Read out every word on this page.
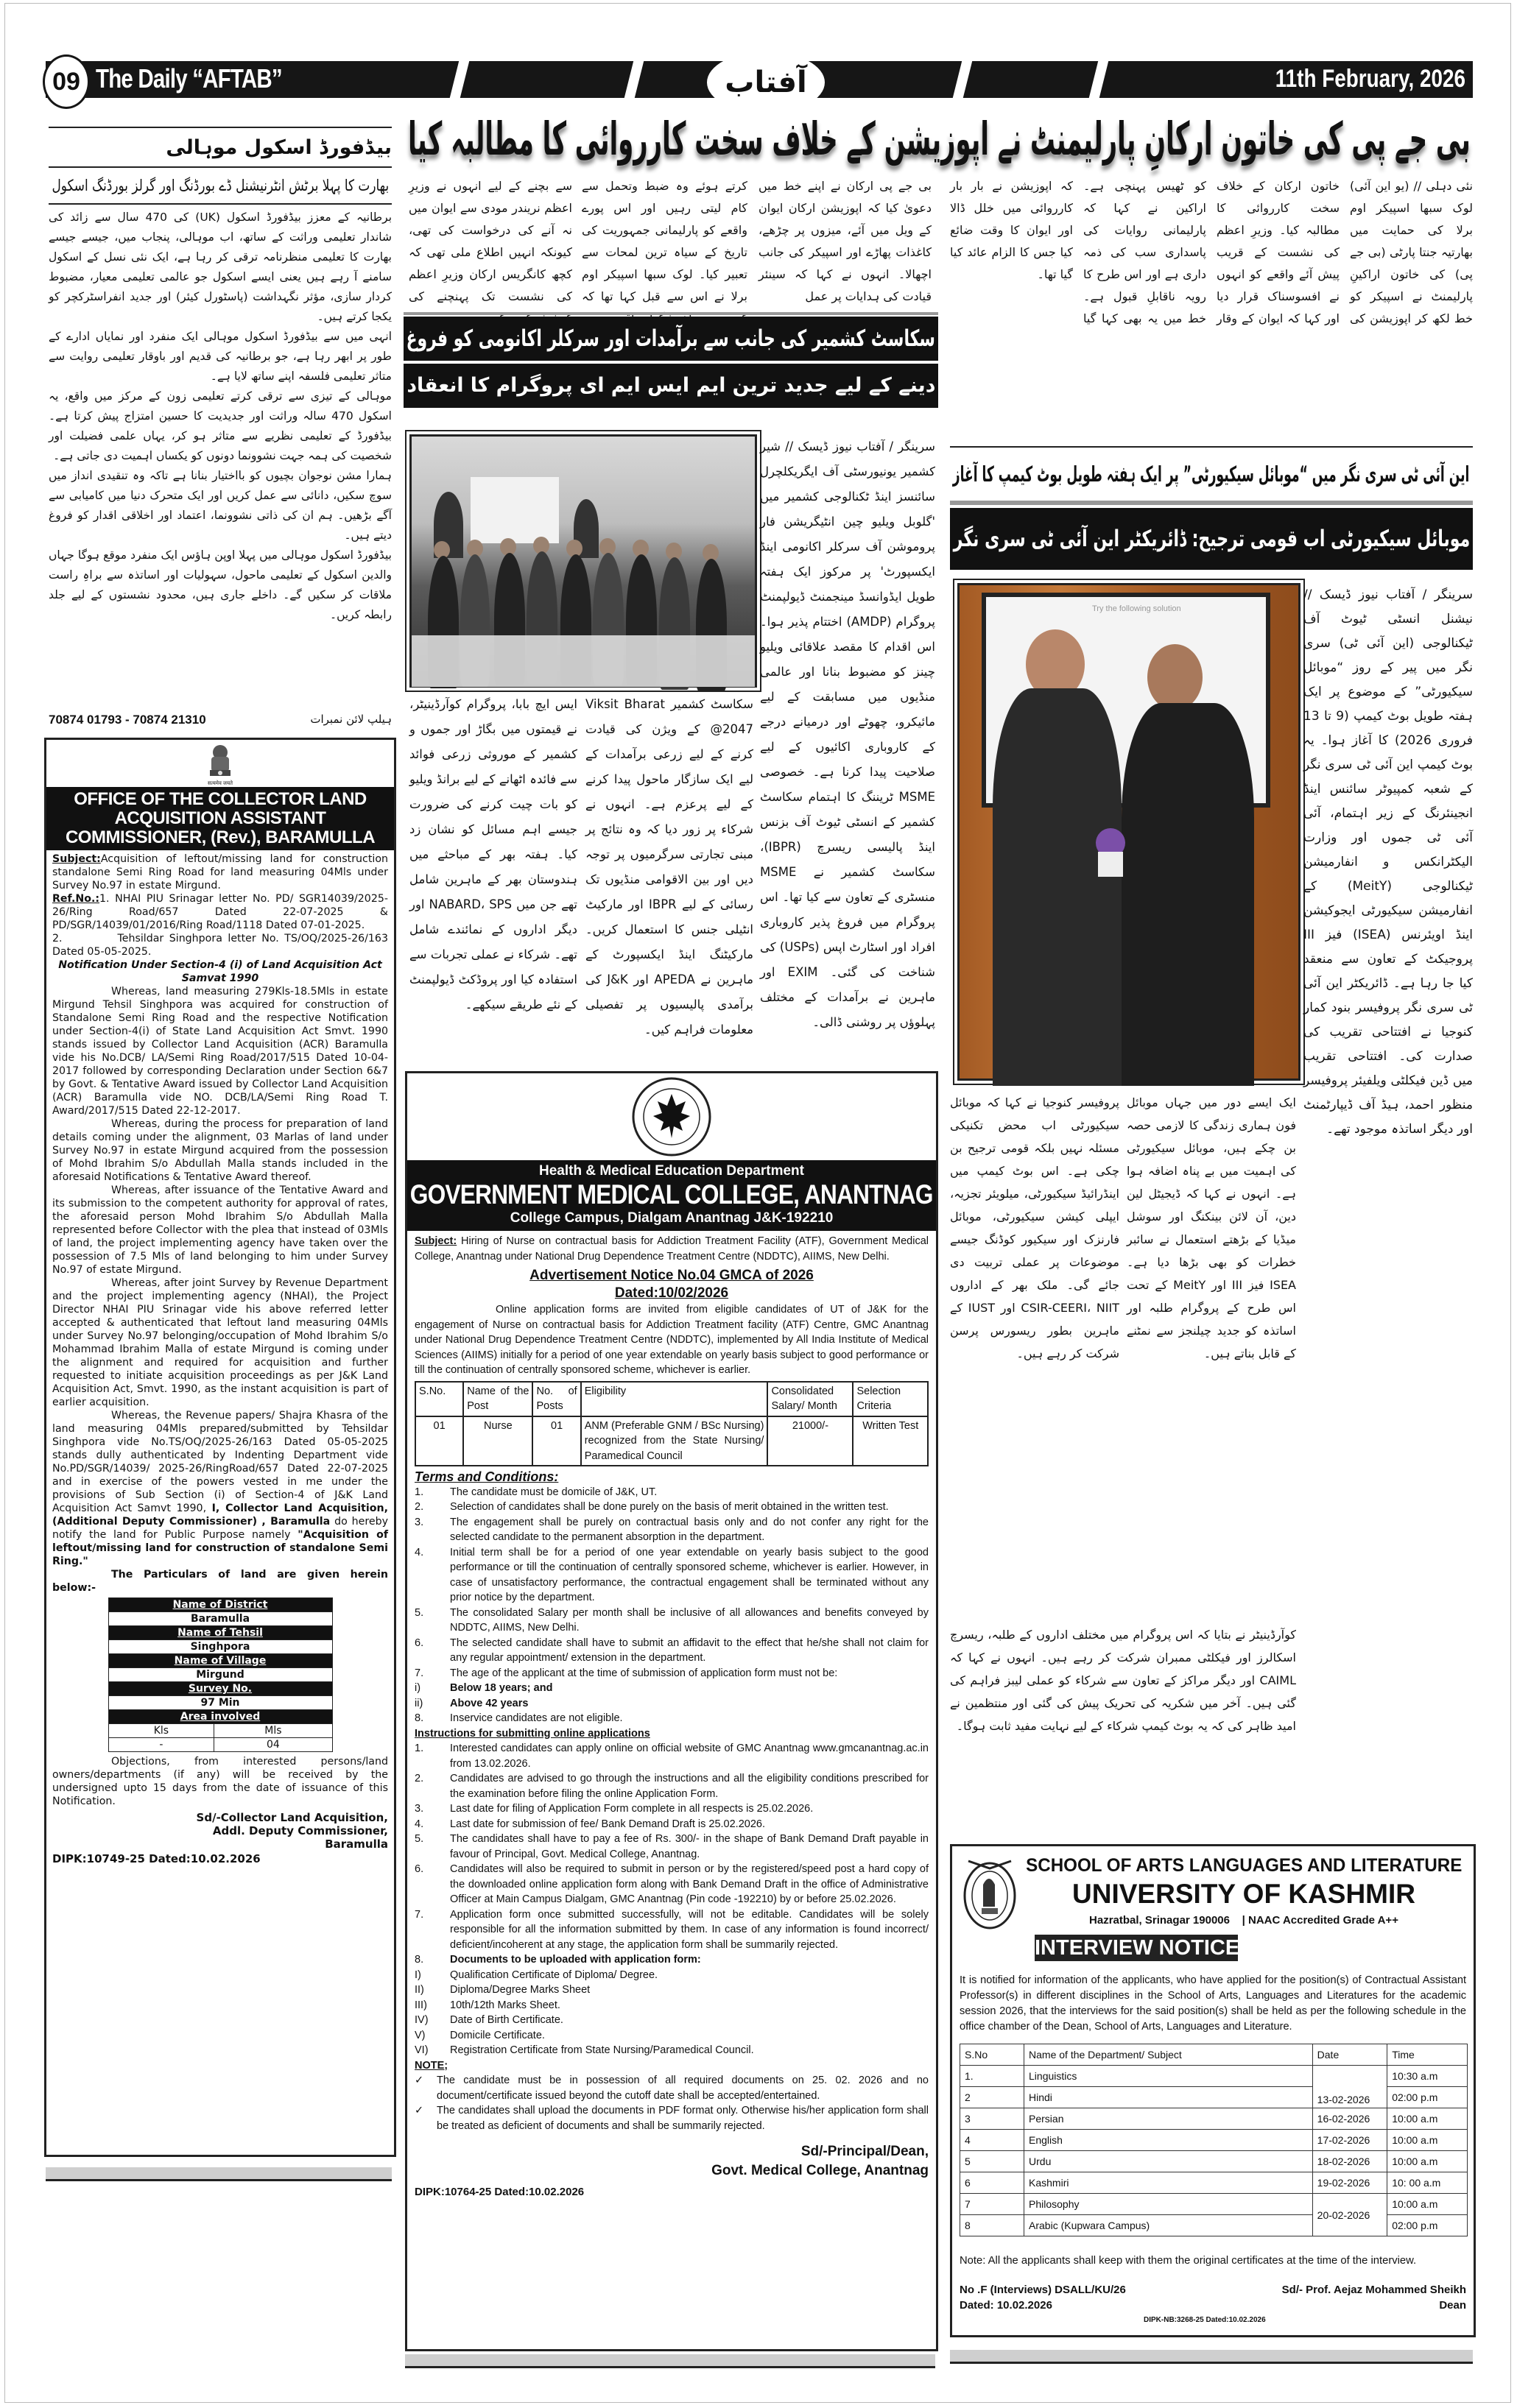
09 The Daily “AFTAB”	آفتاب	11th February, 2026
بیڈفورڈ اسکول موہالی
بھارت کا پہلا برٹش انٹرنیشنل ڈے بورڈنگ اور گرلز بورڈنگ اسکول

برطانیہ کے معزز بیڈفورڈ اسکول (UK) کی 470 سال سے زائد کی شاندار تعلیمی وراثت کے ساتھ، اب موہالی، پنجاب میں، جیسے جیسے بھارت کا تعلیمی منظرنامہ ترقی کر رہا ہے، ایک نئی نسل کے اسکول سامنے آ رہے ہیں یعنی ایسے اسکول جو عالمی تعلیمی معیار، مضبوط کردار سازی، مؤثر نگہداشت (پاسٹورل کیئر) اور جدید انفراسٹرکچر کو یکجا کرتے ہیں۔

انہی میں سے بیڈفورڈ اسکول موہالی ایک منفرد اور نمایاں ادارے کے طور پر ابھر رہا ہے، جو برطانیہ کی قدیم اور باوقار تعلیمی روایت سے متاثر تعلیمی فلسفہ اپنے ساتھ لایا ہے۔

موہالی کے تیزی سے ترقی کرتے تعلیمی زون کے مرکز میں واقع، یہ اسکول 470 سالہ وراثت اور جدیدیت کا حسین امتزاج پیش کرتا ہے۔ بیڈفورڈ کے تعلیمی نظریے سے متاثر ہو کر، یہاں علمی فضیلت اور شخصیت کی ہمہ جہت نشوونما دونوں کو یکساں اہمیت دی جاتی ہے۔

ہمارا مشن نوجوان بچیوں کو بااختیار بنانا ہے تاکہ وہ تنقیدی انداز میں سوچ سکیں، دانائی سے عمل کریں اور ایک متحرک دنیا میں کامیابی سے آگے بڑھیں۔ ہم ان کی ذاتی نشوونما، اعتماد اور اخلاقی اقدار کو فروغ دیتے ہیں۔

بیڈفورڈ اسکول موہالی میں پہلا اوپن ہاؤس ایک منفرد موقع ہوگا جہاں والدین اسکول کے تعلیمی ماحول، سہولیات اور اساتذہ سے براہِ راست ملاقات کر سکیں گے۔ داخلے جاری ہیں، محدود نشستوں کے لیے جلد رابطہ کریں۔

70874 01793 - 70874 21310	ہیلپ لائن نمبرات
सत्यमेव जयते
OFFICE OF THE COLLECTOR LAND ACQUISITION ASSISTANT COMMISSIONER, (Rev.), BARAMULLA

Subject:Acquisition of leftout/missing land for construction standalone Semi Ring Road for land measuring 04Mls under Survey No.97 in estate Mirgund.

Ref.No.:1. NHAI PIU Srinagar letter No. PD/ SGR14039/2025-26/Ring Road/657 Dated 22-07-2025 & PD/SGR/14039/01/2016/Ring Road/1118 Dated 07-01-2025.

2.          Tehsildar Singhpora letter No. TS/OQ/2025-26/163 Dated 05-05-2025.

Notification Under Section-4 (i) of Land Acquisition Act Samvat 1990

Whereas, land measuring 279Kls-18.5Mls in estate Mirgund Tehsil Singhpora was acquired for construction of Standalone Semi Ring Road and the respective Notification under Section-4(i) of State Land Acquisition Act Smvt. 1990 stands issued by Collector Land Acquisition (ACR) Baramulla vide his No.DCB/ LA/Semi Ring Road/2017/515 Dated 10-04-2017 followed by corresponding Declaration under Section 6&7 by Govt. & Tentative Award issued by Collector Land Acquisition (ACR) Baramulla vide NO. DCB/LA/Semi Ring Road T. Award/2017/515 Dated 22-12-2017.

Whereas, during the process for preparation of land details coming under the alignment, 03 Marlas of land under Survey No.97 in estate Mirgund acquired from the possession of Mohd Ibrahim S/o Abdullah Malla stands included in the aforesaid Notifications & Tentative Award thereof.

Whereas, after issuance of the Tentative Award and its submission to the competent authority for approval of rates, the aforesaid person Mohd Ibrahim S/o Abdullah Malla represented before Collector with the plea that instead of 03Mls of land, the project implementing agency have taken over the possession of 7.5 Mls of land belonging to him under Survey No.97 of estate Mirgund.

Whereas, after joint Survey by Revenue Department and the project implementing agency (NHAI), the Project Director NHAI PIU Srinagar vide his above referred letter accepted & authenticated that leftout land measuring 04Mls under Survey No.97 belonging/occupation of Mohd Ibrahim S/o Mohammad Ibrahim Malla of estate Mirgund is coming under the alignment and required for acquisition and further requested to initiate acquisition proceedings as per J&K Land Acquisition Act, Smvt. 1990, as the instant acquisition is part of earlier acquisition.

Whereas, the Revenue papers/ Shajra Khasra of the land measuring 04Mls prepared/submitted by Tehsildar Singhpora vide No.TS/OQ/2025-26/163 Dated 05-05-2025 stands dully authenticated by Indenting Department vide No.PD/SGR/14039/ 2025-26/RingRoad/657 Dated 22-07-2025 and in exercise of the powers vested in me under the provisions of Sub Section (i) of Section-4 of J&K Land Acquisition Act Samvt 1990, I, Collector Land Acquisition, (Additional Deputy Commissioner) , Baramulla do hereby notify the land for Public Purpose namely "Acquisition of leftout/missing land for construction of standalone Semi Ring."

The Particulars of land are given herein below:-

Name of District	
Baramulla	
Name of Tehsil	
Singhpora	
Name of Village	
Mirgund	
Survey No.	
97 Min	
Area involved	
Kls	Mls
-	04

Objections, from interested persons/land owners/departments (if any) will be received by the undersigned upto 15 days from the date of issuance of this Notification.

Sd/-Collector Land Acquisition,
Addl. Deputy Commissioner,
Baramulla
DIPK:10749-25 Dated:10.02.2026
بی جے پی کی خاتون ارکانِ پارلیمنٹ نے اپوزیشن کے خلاف سخت کارروائی کا مطالبہ کیا
بی جے پی ارکان نے اپنے خط میں دعویٰ کیا کہ اپوزیشن ارکان ایوان کے ویل میں آئے، میزوں پر چڑھے، کاغذات پھاڑے اور اسپیکر کی جانب اچھالا۔ انہوں نے کہا کہ سینئر قیادت کی ہدایات پر عمل
کرتے ہوئے وہ ضبط وتحمل سے کام لیتی رہیں اور اس پورے واقعے کو پارلیمانی جمہوریت کی تاریخ کے سیاہ ترین لمحات سے تعبیر کیا۔ لوک سبھا اسپیکر اوم برلا نے اس سے قبل کہا تھا کہ
سے بچنے کے لیے انہوں نے وزیرِ اعظم نریندر مودی سے ایوان میں نہ آنے کی درخواست کی تھی، کیونکہ انہیں اطلاع ملی تھی کہ کچھ کانگریس ارکان وزیرِ اعظم کی نشست تک پہنچنے کی
نئی دہلی // (یو این آئی) لوک سبھا اسپیکر اوم برلا کی حمایت میں بھارتیہ جنتا پارٹی (بی جے پی) کی خاتون اراکینِ پارلیمنٹ نے اسپیکر کو خط لکھ کر اپوزیشن کی خاتون ارکان کے خلاف سخت کارروائی کا مطالبہ کیا۔ وزیرِ اعظم کی نشست کے قریب پیش آئے واقعے کو انہوں نے افسوسناک قرار دیا اور کہا کہ ایوان کے وقار کو ٹھیس پہنچی ہے۔ اراکین نے کہا کہ پارلیمانی روایات کی پاسداری سب کی ذمہ داری ہے اور اس طرح کا رویہ ناقابلِ قبول ہے۔ خط میں یہ بھی کہا گیا کہ اپوزیشن نے بار بار کارروائی میں خلل ڈالا اور ایوان کا وقت ضائع کیا جس کا الزام عائد کیا گیا تھا۔
سکاسٹ کشمیر کی جانب سے برآمدات اور سرکلر اکانومی کو فروغ
دینے کے لیے جدید ترین ایم ایس ایم ای پروگرام کا انعقاد
سرینگر / آفتاب نیوز ڈیسک // شیر کشمیر یونیورسٹی آف ایگریکلچرل سائنسز اینڈ ٹکنالوجی کشمیر میں 'گلوبل ویلیو چین انٹیگریشن فار پروموشن آف سرکلر اکانومی اینڈ ایکسپورٹ' پر مرکوز ایک ہفتہ طویل ایڈوانسڈ مینجمنٹ ڈیولپمنٹ پروگرام (AMDP) اختتام پذیر ہوا۔ اس اقدام کا مقصد علاقائی ویلیو چینز کو مضبوط بنانا اور عالمی منڈیوں میں مسابقت کے لیے مائیکرو، چھوٹے اور درمیانے درجے کے کاروباری اکائیوں کے لیے صلاحیت پیدا کرنا ہے۔ خصوصی MSME ٹریننگ کا اہتمام سکاسٹ کشمیر کے انسٹی ٹیوٹ آف بزنس اینڈ پالیسی ریسرچ (IBPR)، سکاسٹ کشمیر نے MSME منسٹری کے تعاون سے کیا تھا۔ اس پروگرام میں فروغ پذیر کاروباری افراد اور اسٹارٹ اپس (USPs) کی شناخت کی گئی۔ EXIM اور ماہرین نے برآمدات کے مختلف پہلوؤں پر روشنی ڈالی۔
سکاسٹ کشمیر Viksit Bharat @2047 کے ویژن کی قیادت کرنے کے لیے زرعی برآمدات کے لیے ایک سازگار ماحول پیدا کرنے کے لیے پرعزم ہے۔ انہوں نے شرکاء پر زور دیا کہ وہ نتائج پر مبنی تجارتی سرگرمیوں پر توجہ دیں اور بین الاقوامی منڈیوں تک رسائی کے لیے IBPR اور مارکیٹ انٹیلی جنس کا استعمال کریں۔ مارکیٹنگ اینڈ ایکسپورٹ کے ماہرین نے APEDA اور J&K کی برآمدی پالیسیوں پر تفصیلی معلومات فراہم کیں۔
ایس ایچ بابا، پروگرام کوآرڈینیٹر، نے قیمتوں میں بگاڑ اور جموں و کشمیر کے موروثی زرعی فوائد سے فائدہ اٹھانے کے لیے برانڈ ویلیو کو بات چیت کرنے کی ضرورت جیسے اہم مسائل کو نشان زد کیا۔ ہفتہ بھر کے مباحثے میں ہندوستان بھر کے ماہرین شامل تھے جن میں NABARD، SPS اور دیگر اداروں کے نمائندے شامل تھے۔ شرکاء نے عملی تجربات سے استفادہ کیا اور پروڈکٹ ڈیولپمنٹ کے نئے طریقے سیکھے۔
Health & Medical Education Department
GOVERNMENT MEDICAL COLLEGE, ANANTNAG
College Campus, Dialgam Anantnag J&K-192210
Subject: Hiring of Nurse on contractual basis for Addiction Treatment Facility (ATF), Government Medical College, Anantnag under National Drug Dependence Treatment Centre (NDDTC), AIIMS, New Delhi.
Advertisement Notice No.04 GMCA of 2026
Dated:10/02/2026
Online application forms are invited from eligible candidates of UT of J&K for the engagement of Nurse on contractual basis for Addiction Treatment facility (ATF) Centre, GMC Anantnag under National Drug Dependence Treatment Centre (NDDTC), implemented by All India Institute of Medical Sciences (AIIMS) initially for a period of one year extendable on yearly basis subject to good performance or till the continuation of centrally sponsored scheme, whichever is earlier.
S.No.	Name of the Post	No. of Posts	Eligibility	Consolidated Salary/ Month	Selection Criteria
01	Nurse	01	ANM (Preferable GNM / BSc Nursing) recognized from the State Nursing/ Paramedical Council	21000/-	Written Test
Terms and Conditions:
1.	The candidate must be domicile of J&K, UT.
2.	Selection of candidates shall be done purely on the basis of merit obtained in the written test.
3.	The engagement shall be purely on contractual basis only and do not confer any right for the selected candidate to the permanent absorption in the department.
4.	Initial term shall be for a period of one year extendable on yearly basis subject to the good performance or till the continuation of centrally sponsored scheme, whichever is earlier. However, in case of unsatisfactory performance, the contractual engagement shall be terminated without any prior notice by the department.
5.	The consolidated Salary per month shall be inclusive of all allowances and benefits conveyed by NDDTC, AIIMS, New Delhi.
6.	The selected candidate shall have to submit an affidavit to the effect that he/she shall not claim for any regular appointment/ extension in the department.
7.	The age of the applicant at the time of submission of application form must not be:
i)	Below 18 years; and
ii)	Above 42 years
8.	Inservice candidates are not eligible.
Instructions for submitting online applications
1.	Interested candidates can apply online on official website of GMC Anantnag www.gmcanantnag.ac.in from 13.02.2026.
2.	Candidates are advised to go through the instructions and all the eligibility conditions prescribed for the examination before filing the online Application Form.
3.	Last date for filing of Application Form complete in all respects is 25.02.2026.
4.	Last date for submission of fee/ Bank Demand Draft is 25.02.2026.
5.	The candidates shall have to pay a fee of Rs. 300/- in the shape of Bank Demand Draft payable in favour of Principal, Govt. Medical College, Anantnag.
6.	Candidates will also be required to submit in person or by the registered/speed post a hard copy of the downloaded online application form along with Bank Demand Draft in the office of Administrative Officer at Main Campus Dialgam, GMC Anantnag (Pin code -192210) by or before 25.02.2026.
7.	Application form once submitted successfully, will not be editable. Candidates will be solely responsible for all the information submitted by them. In case of any information is found incorrect/ deficient/incoherent at any stage, the application form shall be summarily rejected.
8.	Documents to be uploaded with application form:
I)	Qualification Certificate of Diploma/ Degree.
II)	Diploma/Degree Marks Sheet
III)	10th/12th Marks Sheet.
IV)	Date of Birth Certificate.
V)	Domicile Certificate.
VI)	Registration Certificate from State Nursing/Paramedical Council.
NOTE;
✓	The candidate must be in possession of all required documents on 25. 02. 2026 and no document/certificate issued beyond the cutoff date shall be accepted/entertained.
✓	The candidates shall upload the documents in PDF format only. Otherwise his/her application form shall be treated as deficient of documents and shall be summarily rejected.
Sd/-Principal/Dean,
Govt. Medical College, Anantnag
DIPK:10764-25 Dated:10.02.2026
این آئی ٹی سری نگر میں “موبائل سیکیورٹی” پر ایک ہفتہ طویل بوٹ کیمپ کا آغاز
موبائل سیکیورٹی اب قومی ترجیح: ڈائریکٹر این آئی ٹی سری نگر
Try the following solution
سرینگر / آفتاب نیوز ڈیسک // نیشنل انسٹی ٹیوٹ آف ٹیکنالوجی (این آئی ٹی) سری نگر میں پیر کے روز “موبائل سیکیورٹی” کے موضوع پر ایک ہفتہ طویل بوٹ کیمپ (9 تا 13 فروری 2026) کا آغاز ہوا۔ یہ بوٹ کیمپ این آئی ٹی سری نگر کے شعبہ کمپیوٹر سائنس اینڈ انجینئرنگ کے زیر اہتمام، آئی آئی ٹی جموں اور وزارت الیکٹرانکس و انفارمیشن ٹیکنالوجی (MeitY) کے انفارمیشن سیکیورٹی ایجوکیشن اینڈ اویئرنس (ISEA) فیز III پروجیکٹ کے تعاون سے منعقد کیا جا رہا ہے۔ ڈائریکٹر این آئی ٹی سری نگر پروفیسر بنود کمار کنوجیا نے افتتاحی تقریب کی صدارت کی۔ افتتاحی تقریب میں ڈین فیکلٹی ویلفیئر پروفیسر منظور احمد، ہیڈ آف ڈیپارٹمنٹ اور دیگر اساتذہ موجود تھے۔
ایک ایسے دور میں جہاں موبائل فون ہماری زندگی کا لازمی حصہ بن چکے ہیں، موبائل سیکیورٹی کی اہمیت میں بے پناہ اضافہ ہوا ہے۔ انہوں نے کہا کہ ڈیجیٹل لین دین، آن لائن بینکنگ اور سوشل میڈیا کے بڑھتے استعمال نے سائبر خطرات کو بھی بڑھا دیا ہے۔ ISEA فیز III اور MeitY کے تحت اس طرح کے پروگرام طلبہ اور اساتذہ کو جدید چیلنجز سے نمٹنے کے قابل بناتے ہیں۔
پروفیسر کنوجیا نے کہا کہ موبائل سیکیورٹی اب محض تکنیکی مسئلہ نہیں بلکہ قومی ترجیح بن چکی ہے۔ اس بوٹ کیمپ میں اینڈرائیڈ سیکیورٹی، میلویئر تجزیہ، ایپلی کیشن سیکیورٹی، موبائل فارنزک اور سیکیور کوڈنگ جیسے موضوعات پر عملی تربیت دی جائے گی۔ ملک بھر کے اداروں CSIR-CEERI، NIIT اور IUST کے ماہرین بطور ریسورس پرسن شرکت کر رہے ہیں۔
کوآرڈینیٹر نے بتایا کہ اس پروگرام میں مختلف اداروں کے طلبہ، ریسرچ اسکالرز اور فیکلٹی ممبران شرکت کر رہے ہیں۔ انہوں نے کہا کہ CAIML اور دیگر مراکز کے تعاون سے شرکاء کو عملی لیبز فراہم کی گئی ہیں۔ آخر میں شکریہ کی تحریک پیش کی گئی اور منتظمین نے امید ظاہر کی کہ یہ بوٹ کیمپ شرکاء کے لیے نہایت مفید ثابت ہوگا۔
SCHOOL OF ARTS LANGUAGES AND LITERATURE
UNIVERSITY OF KASHMIR
Hazratbal, Srinagar 190006    | NAAC Accredited Grade A++
INTERVIEW NOTICE
It is notified for information of the applicants, who have applied for the position(s) of Contractual Assistant Professor(s) in different disciplines in the School of Arts, Languages and Literatures for the academic session 2026, that the interviews for the said position(s) shall be held as per the following schedule in the office chamber of the Dean, School of Arts, Languages and Literature.
S.No	Name of the Department/ Subject	Date	Time
1.	Linguistics	13-02-2026	10:30 a.m
2	Hindi		02:00 p.m
3	Persian	16-02-2026	10:00 a.m
4	English	17-02-2026	10:00 a.m
5	Urdu	18-02-2026	10:00 a.m
6	Kashmiri	19-02-2026	10: 00 a.m
7	Philosophy	20-02-2026	10:00 a.m
8	Arabic (Kupwara Campus)		02:00 p.m
Note: All the applicants shall keep with them the original certificates at the time of the interview.
No .F (Interviews) DSALL/KU/26
Dated: 10.02.2026
DIPK-NB:3268-25 Dated:10.02.2026
Sd/- Prof. Aejaz Mohammed Sheikh
Dean
